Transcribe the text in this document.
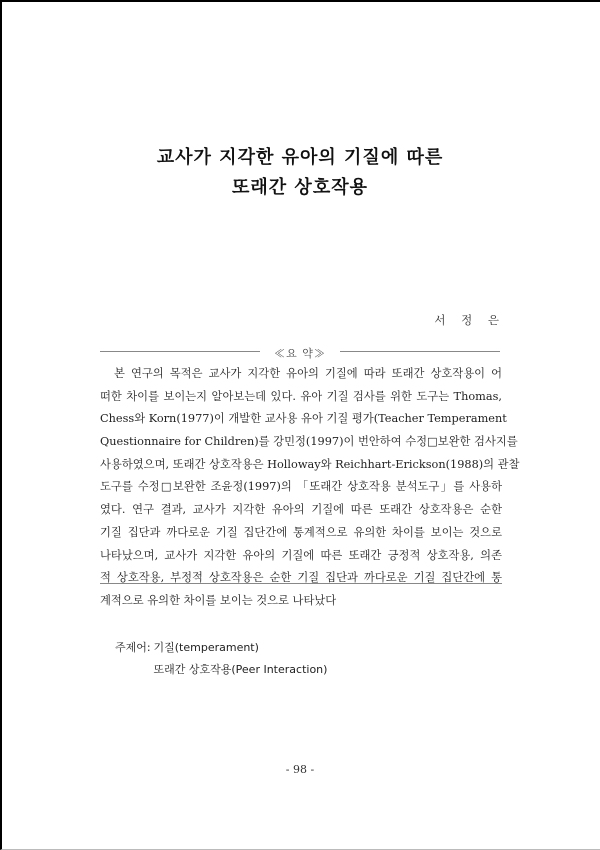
교사가 지각한 유아의 기질에 따른
또래간 상호작용
서 정 은
≪요 약≫
본 연구의 목적은 교사가 지각한 유아의 기질에 따라 또래간 상호작용이 어
떠한 차이를 보이는지 알아보는데 있다. 유아 기질 검사를 위한 도구는 Thomas,
Chess와 Korn(1977)이 개발한 교사용 유아 기질 평가(Teacher Temperament
Questionnaire for Children)를 강민정(1997)이 번안하여 수정□보완한 검사지를
사용하였으며, 또래간 상호작용은 Holloway와 Reichhart-Erickson(1988)의 관찰
도구를 수정□보완한 조윤정(1997)의 「또래간 상호작용 분석도구」를 사용하
였다. 연구 결과, 교사가 지각한 유아의 기질에 따른 또래간 상호작용은 순한
기질 집단과 까다로운 기질 집단간에 통계적으로 유의한 차이를 보이는 것으로
나타났으며, 교사가 지각한 유아의 기질에 따른 또래간 긍정적 상호작용, 의존
적 상호작용, 부정적 상호작용은 순한 기질 집단과 까다로운 기질 집단간에 통
계적으로 유의한 차이를 보이는 것으로 나타났다
주제어: 기질(temperament)
또래간 상호작용(Peer Interaction)
- 98 -
